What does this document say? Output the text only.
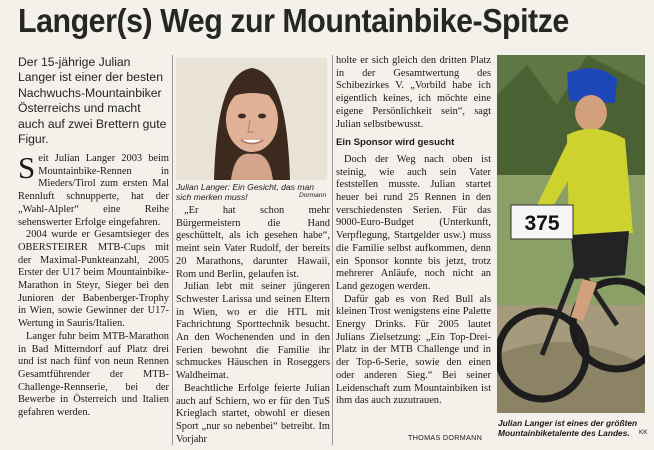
Langer(s) Weg zur Mountainbike-Spitze
Der 15-jährige Julian Langer ist einer der besten Nachwuchs-Mountainbiker Österreichs und macht auch auf zwei Brettern gute Figur.

Seit Julian Langer 2003 beim Mountainbike-Rennen in Mieders/Tirol zum ersten Mal Rennluft schnupperte, hat der „Wahl-Alpler“ eine Reihe sehenswerter Erfolge eingefahren.

2004 wurde er Gesamtsieger des OBERSTEIRER MTB-Cups mit der Maximal-Punkteanzahl, 2005 Erster der U17 beim Mountainbike-Marathon in Steyr, Sieger bei den Junioren der Babenberger-Trophy in Wien, sowie Gewinner der U17-Wertung in Sauris/Italien.

Langer fuhr beim MTB-Marathon in Bad Mitterndorf auf Platz drei und ist nach fünf von neun Rennen Gesamtführender der MTB-Challenge-Rennserie, bei der Bewerbe in Österreich und Italien gefahren werden.

Julian Langer: Ein Gesicht, das man sich merken muss!	Dormann

„Er hat schon mehr Bürgermeistern die Hand geschüttelt, als ich gesehen habe“, meint sein Vater Rudolf, der bereits 20 Marathons, darunter Hawaii, Rom und Berlin, gelaufen ist.

Julian lebt mit seiner jüngeren Schwester Larissa und seinen Eltern in Wien, wo er die HTL mit Fachrichtung Sporttechnik besucht. An den Wochenenden und in den Ferien bewohnt die Familie ihr schmuckes Häuschen in Roseggers Waldheimat.

Beachtliche Erfolge feierte Julian auch auf Schiern, wo er für den TuS Krieglach startet, obwohl er diesen Sport „nur so nebenbei“ betreibt. Im Vorjahr

holte er sich gleich den dritten Platz in der Gesamtwertung des Schibezirkes V. „Vorbild habe ich eigentlich keines, ich möchte eine eigene Persönlichkeit sein“, sagt Julian selbstbewusst.

Ein Sponsor wird gesucht

Doch der Weg nach oben ist steinig, wie auch sein Vater feststellen musste. Julian startet heuer bei rund 25 Rennen in den verschiedensten Serien. Für das 9000-Euro-Budget (Unterkunft, Verpflegung, Startgelder usw.) muss die Familie selbst aufkommen, denn ein Sponsor konnte bis jetzt, trotz mehrerer Anläufe, noch nicht an Land gezogen werden.

Dafür gab es von Red Bull als kleinen Trost wenigstens eine Palette Energy Drinks. Für 2005 lautet Julians Zielsetzung: „Ein Top-Drei-Platz in der MTB Challenge und in der Top-6-Serie, sowie den einen oder anderen Sieg.“ Bei seiner Leidenschaft zum Mountainbiken ist ihm das auch zuzutrauen.

THOMAS DORMANN
375
Julian Langer ist eines der größten Mountainbiketalente des Landes.	KK
